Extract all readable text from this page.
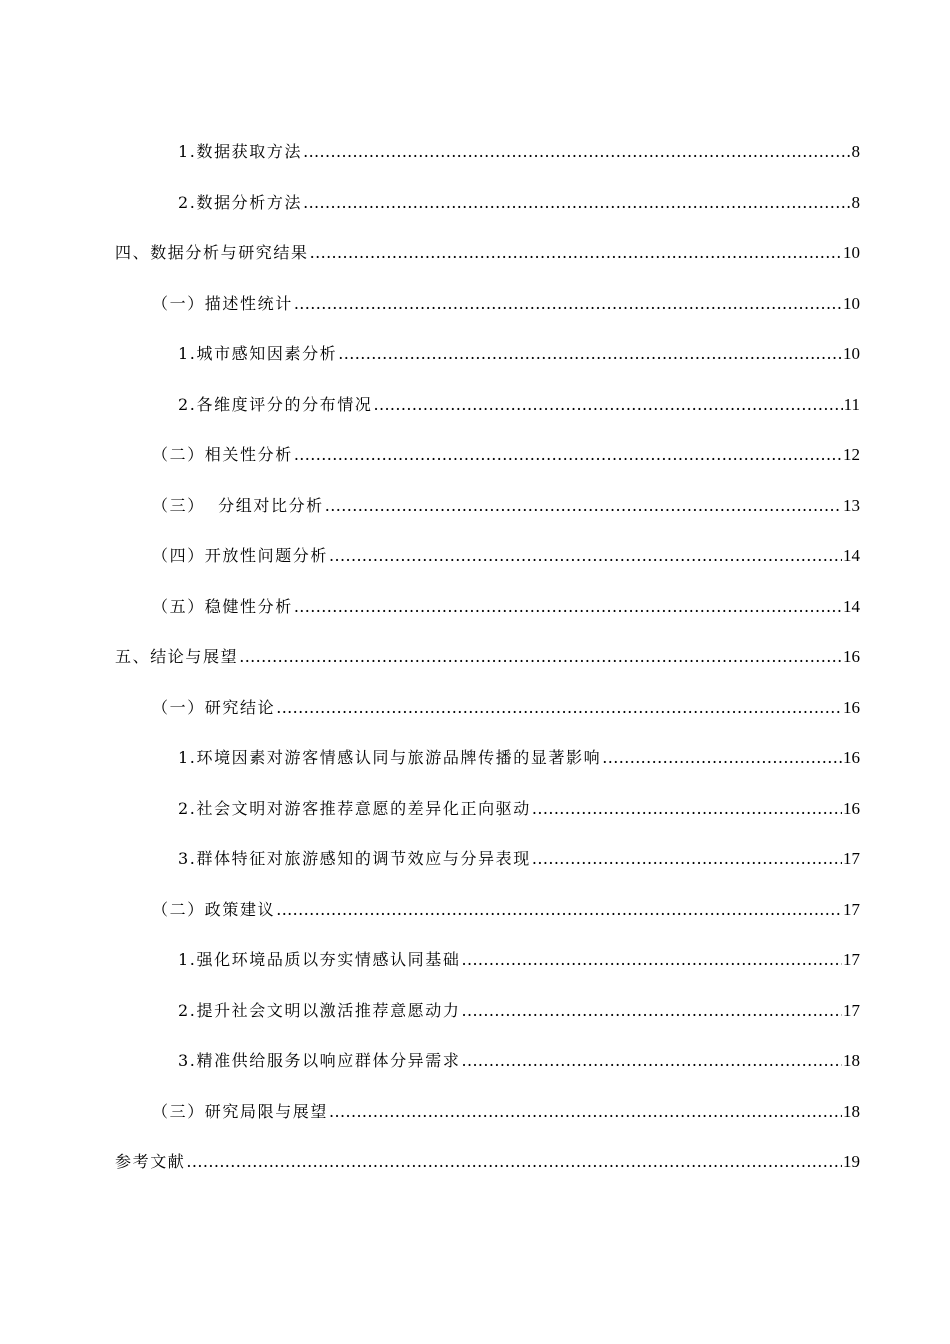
1.数据获取方法 .....	8
2.数据分析方法 .....	8
四、数据分析与研究结果 .....	10
（一）描述性统计 .....	10
1.城市感知因素分析 .....	10
2.各维度评分的分布情况 .....	11
（二）相关性分析 .....	12
（三）  分组对比分析 .....	13
（四）开放性问题分析 .....	14
（五）稳健性分析 .....	14
五、结论与展望 .....	16
（一）研究结论 .....	16
1.环境因素对游客情感认同与旅游品牌传播的显著影响 .....	16
2.社会文明对游客推荐意愿的差异化正向驱动 .....	16
3.群体特征对旅游感知的调节效应与分异表现 .....	17
（二）政策建议 .....	17
1.强化环境品质以夯实情感认同基础 .....	17
2.提升社会文明以激活推荐意愿动力 .....	17
3.精准供给服务以响应群体分异需求 .....	18
（三）研究局限与展望 .....	18
参考文献 .....	19
